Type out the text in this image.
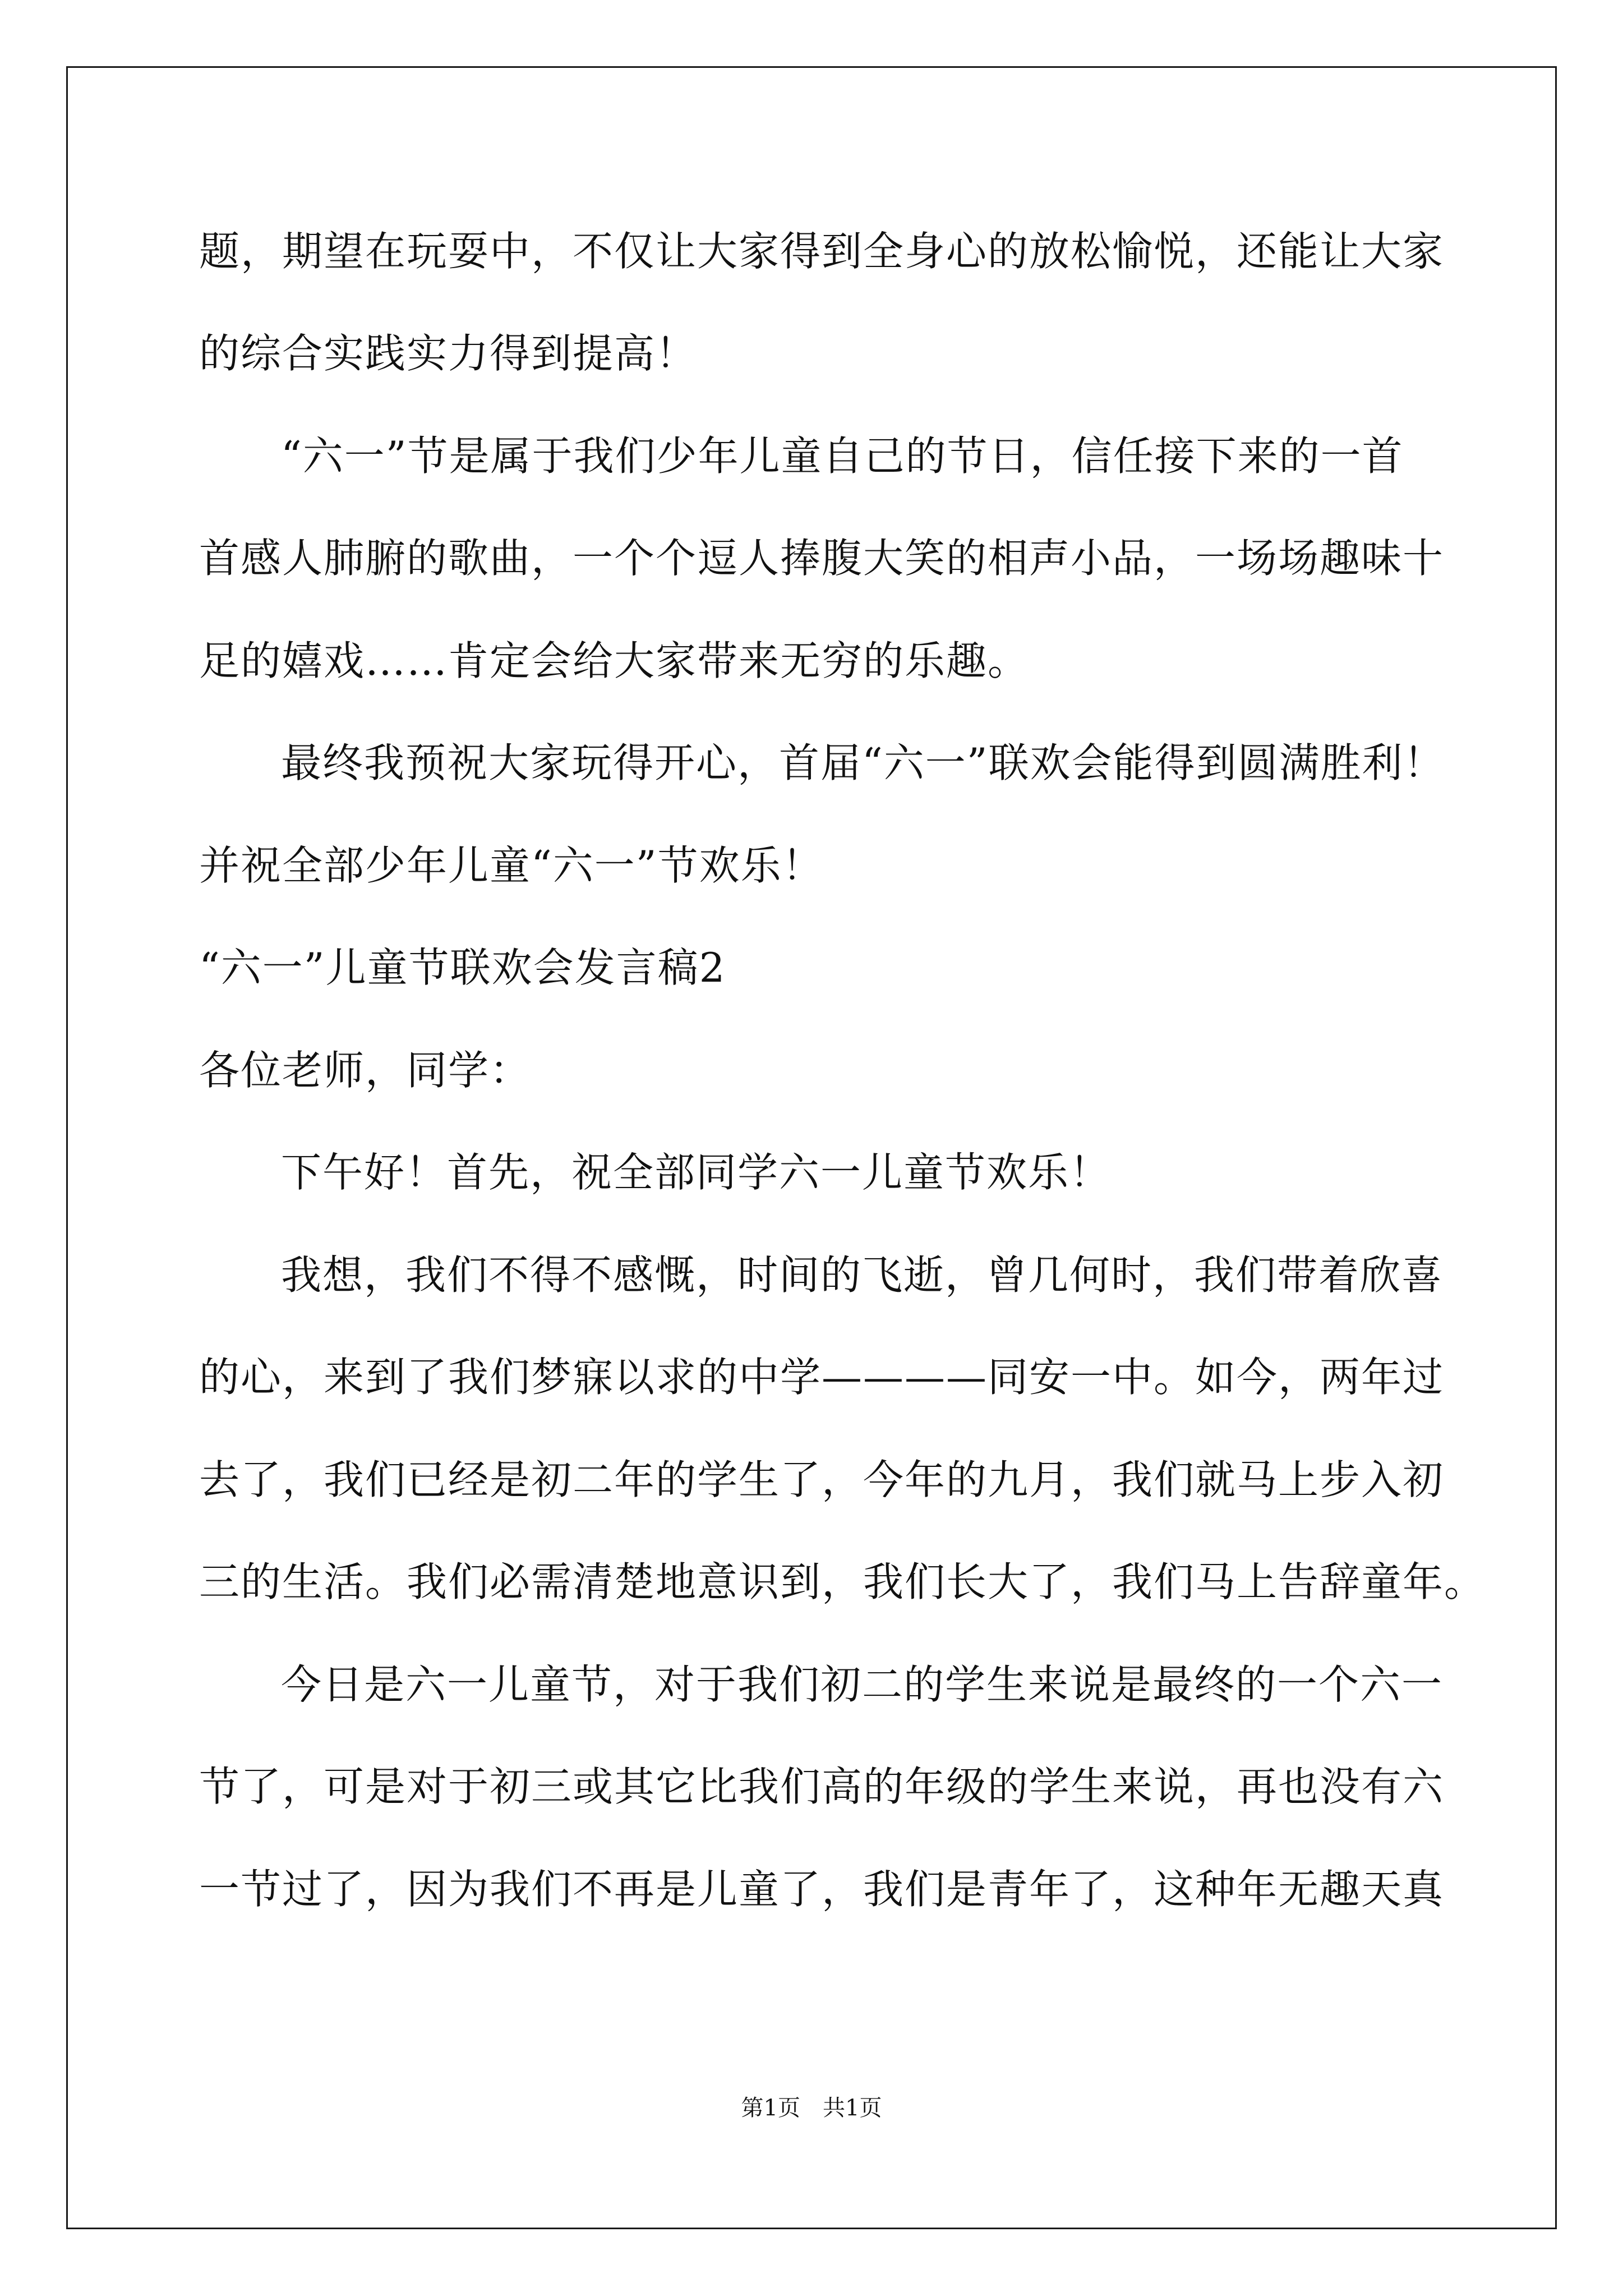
题，期望在玩耍中，不仅让大家得到全身心的放松愉悦，还能让大家
的综合实践实力得到提高！
“六一”节是属于我们少年儿童自己的节日，信任接下来的一首
首感人肺腑的歌曲，一个个逗人捧腹大笑的相声小品，一场场趣味十
足的嬉戏……肯定会给大家带来无穷的乐趣。
最终我预祝大家玩得开心，首届“六一”联欢会能得到圆满胜利！
并祝全部少年儿童“六一”节欢乐！
“六一”儿童节联欢会发言稿2
各位老师，同学：
下午好！首先，祝全部同学六一儿童节欢乐！
我想，我们不得不感慨，时间的飞逝，曾几何时，我们带着欣喜
的心，来到了我们梦寐以求的中学————同安一中。如今，两年过
去了，我们已经是初二年的学生了，今年的九月，我们就马上步入初
三的生活。我们必需清楚地意识到，我们长大了，我们马上告辞童年。
今日是六一儿童节，对于我们初二的学生来说是最终的一个六一
节了，可是对于初三或其它比我们高的年级的学生来说，再也没有六
一节过了，因为我们不再是儿童了，我们是青年了，这种年无趣天真
第1页　共1页
